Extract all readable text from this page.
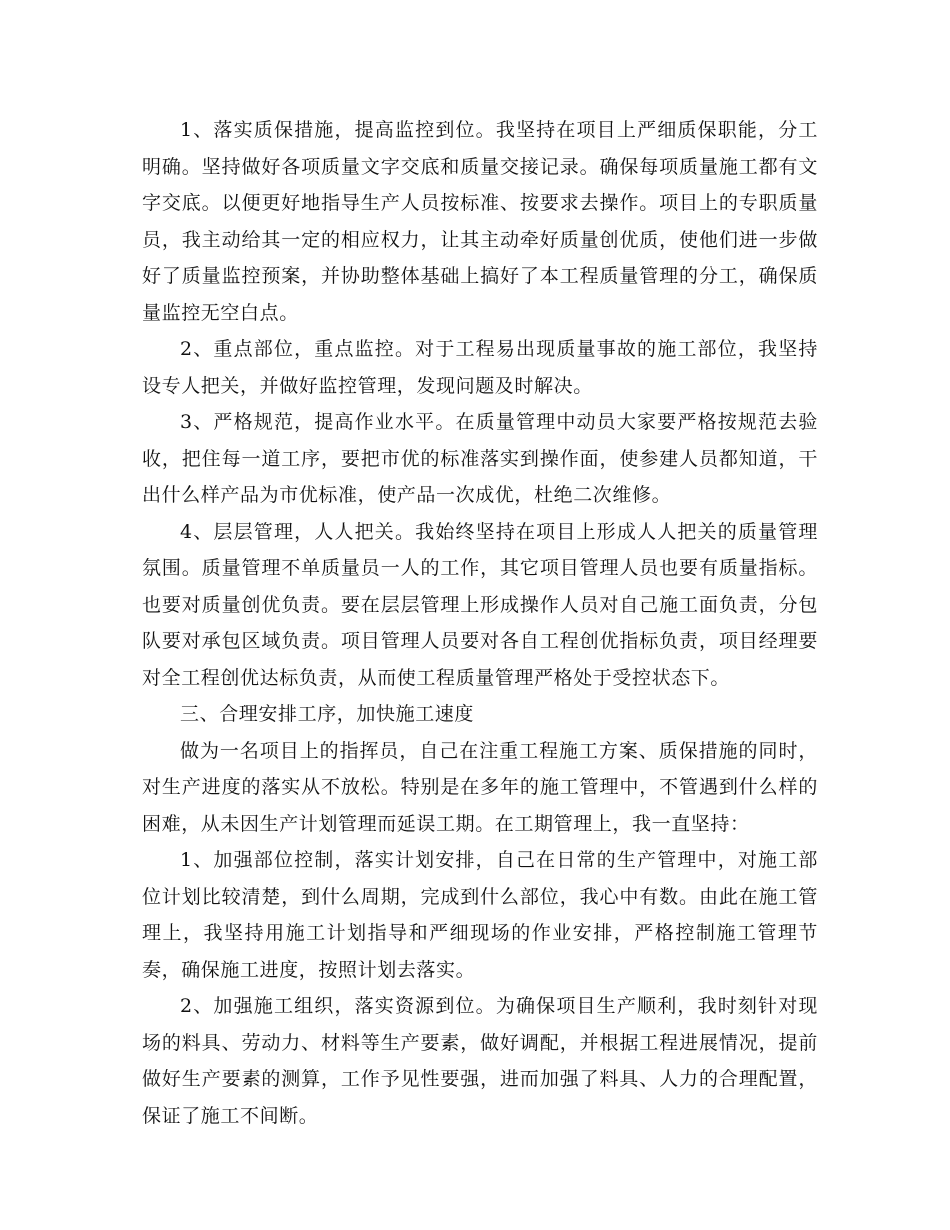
1、落实质保措施，提高监控到位。我坚持在项目上严细质保职能，分工明确。坚持做好各项质量文字交底和质量交接记录。确保每项质量施工都有文字交底。以便更好地指导生产人员按标准、按要求去操作。项目上的专职质量员，我主动给其一定的相应权力，让其主动牵好质量创优质，使他们进一步做好了质量监控预案，并协助整体基础上搞好了本工程质量管理的分工，确保质量监控无空白点。

2、重点部位，重点监控。对于工程易出现质量事故的施工部位，我坚持设专人把关，并做好监控管理，发现问题及时解决。

3、严格规范，提高作业水平。在质量管理中动员大家要严格按规范去验收，把住每一道工序，要把市优的标准落实到操作面，使参建人员都知道，干出什么样产品为市优标准，使产品一次成优，杜绝二次维修。

4、层层管理，人人把关。我始终坚持在项目上形成人人把关的质量管理氛围。质量管理不单质量员一人的工作，其它项目管理人员也要有质量指标。也要对质量创优负责。要在层层管理上形成操作人员对自己施工面负责，分包队要对承包区域负责。项目管理人员要对各自工程创优指标负责，项目经理要对全工程创优达标负责，从而使工程质量管理严格处于受控状态下。

三、合理安排工序，加快施工速度

做为一名项目上的指挥员，自己在注重工程施工方案、质保措施的同时，对生产进度的落实从不放松。特别是在多年的施工管理中，不管遇到什么样的困难，从未因生产计划管理而延误工期。在工期管理上，我一直坚持：

1、加强部位控制，落实计划安排，自己在日常的生产管理中，对施工部位计划比较清楚，到什么周期，完成到什么部位，我心中有数。由此在施工管理上，我坚持用施工计划指导和严细现场的作业安排，严格控制施工管理节奏，确保施工进度，按照计划去落实。

2、加强施工组织，落实资源到位。为确保项目生产顺利，我时刻针对现场的料具、劳动力、材料等生产要素，做好调配，并根据工程进展情况，提前做好生产要素的测算，工作予见性要强，进而加强了料具、人力的合理配置，保证了施工不间断。
